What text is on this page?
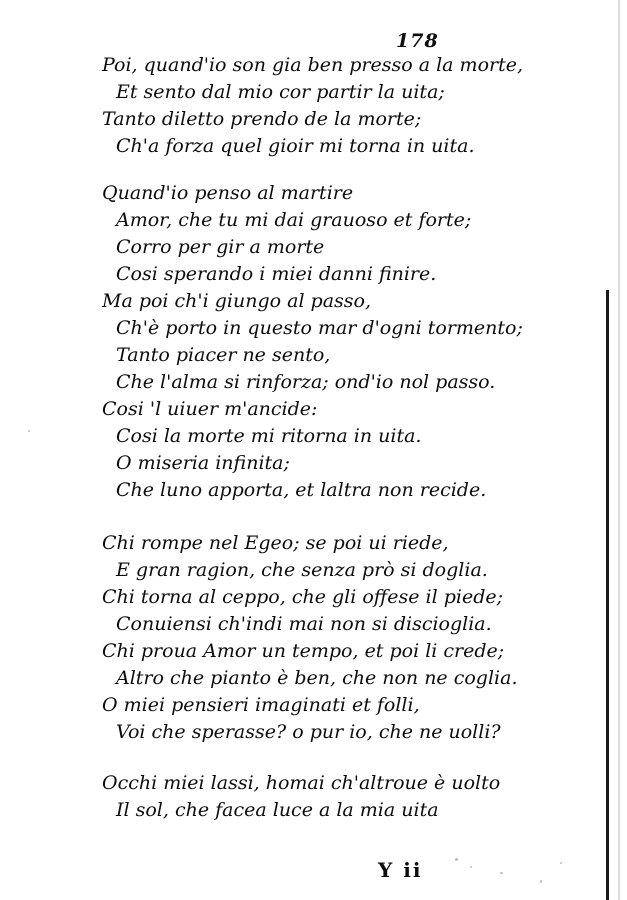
178
Poi, quand'io son gia ben presso a la morte,
Et sento dal mio cor partir la uita;
Tanto diletto prendo de la morte;
Ch'a forza quel gioir mi torna in uita.
Quand'io penso al martire
Amor, che tu mi dai grauoso et forte;
Corro per gir a morte
Cosi sperando i miei danni finire.
Ma poi ch'i giungo al passo,
Ch'è porto in questo mar d'ogni tormento;
Tanto piacer ne sento,
Che l'alma si rinforza; ond'io nol passo.
Cosi 'l uiuer m'ancide:
Cosi la morte mi ritorna in uita.
O miseria infinita;
Che luno apporta, et laltra non recide.
Chi rompe nel Egeo; se poi ui riede,
E gran ragion, che senza prò si doglia.
Chi torna al ceppo, che gli offese il piede;
Conuiensi ch'indi mai non si discioglia.
Chi proua Amor un tempo, et poi li crede;
Altro che pianto è ben, che non ne coglia.
O miei pensieri imaginati et folli,
Voi che sperasse? o pur io, che ne uolli?
Occhi miei lassi, homai ch'altroue è uolto
Il sol, che facea luce a la mia uita
Y ii
